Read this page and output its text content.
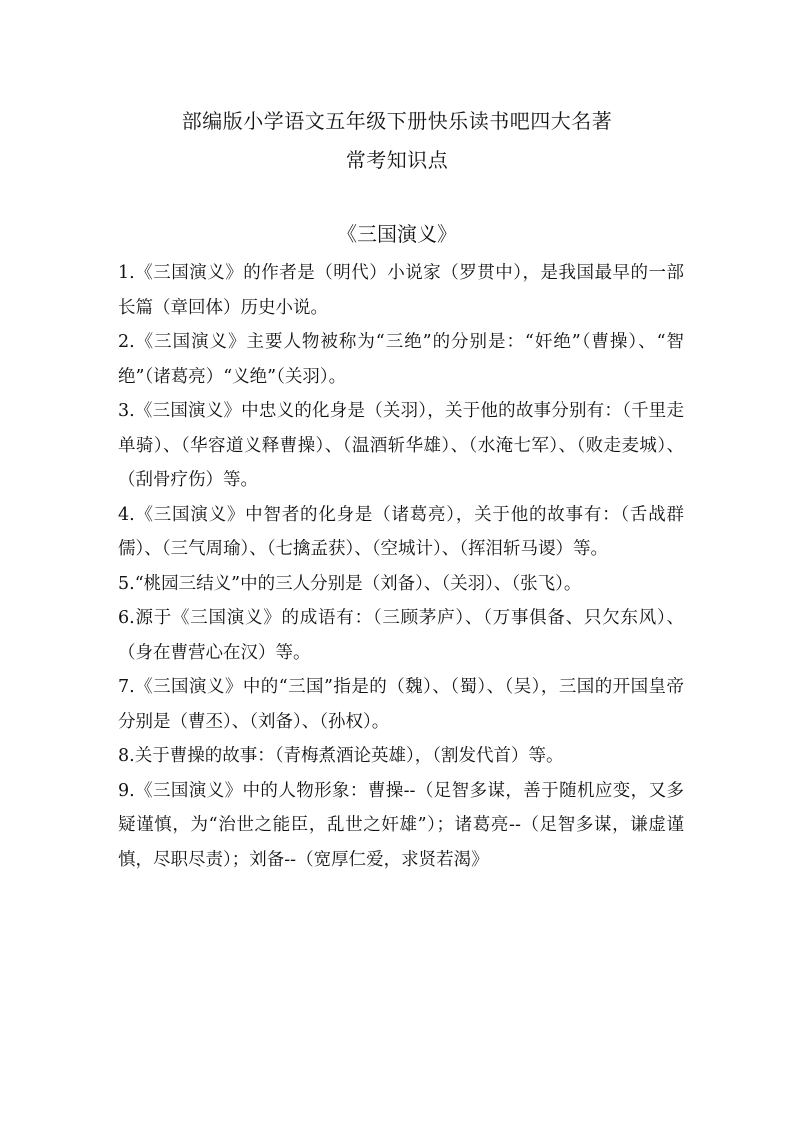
部编版小学语文五年级下册快乐读书吧四大名著
常考知识点
《三国演义》

1.《三国演义》的作者是（明代）小说家（罗贯中），是我国最早的一部长篇（章回体）历史小说。

2.《三国演义》主要人物被称为“三绝”的分别是：“奸绝”（曹操）、“智绝”（诸葛亮）“义绝”（关羽）。

3.《三国演义》中忠义的化身是（关羽），关于他的故事分别有：（千里走单骑）、（华容道义释曹操）、（温酒斩华雄）、（水淹七军）、（败走麦城）、（刮骨疗伤）等。

4.《三国演义》中智者的化身是（诸葛亮），关于他的故事有：（舌战群儒）、（三气周瑜）、（七擒孟获）、（空城计）、（挥泪斩马谡）等。

5.“桃园三结义”中的三人分别是（刘备）、（关羽）、（张飞）。

6.源于《三国演义》的成语有：（三顾茅庐）、（万事俱备、只欠东风）、（身在曹营心在汉）等。

7.《三国演义》中的“三国”指是的（魏）、（蜀）、（吴），三国的开国皇帝分别是（曹丕）、（刘备）、（孙权）。

8.关于曹操的故事：（青梅煮酒论英雄），（割发代首）等。

9.《三国演义》中的人物形象：曹操--（足智多谋，善于随机应变，又多疑谨慎，为“治世之能臣，乱世之奸雄”）；诸葛亮--（足智多谋，谦虚谨慎，尽职尽责）；刘备--（宽厚仁爱，求贤若渴》
